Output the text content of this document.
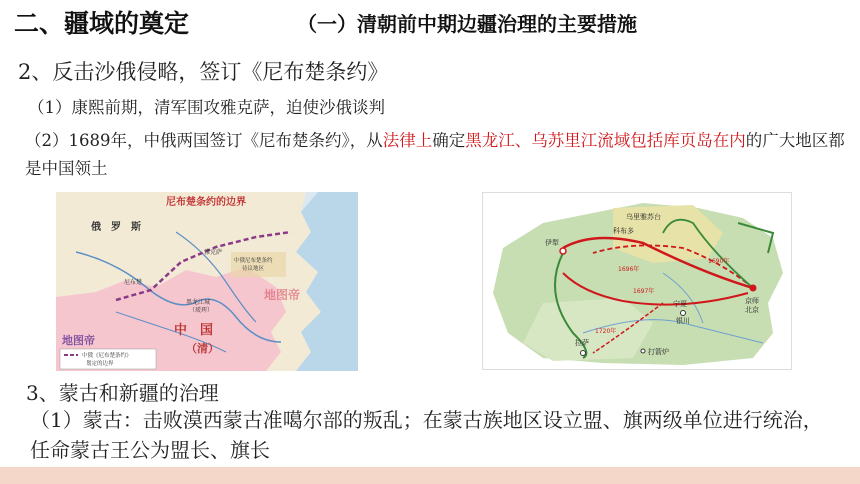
二、疆域的奠定	（一）清朝前中期边疆治理的主要措施
2、反击沙俄侵略，签订《尼布楚条约》
（1）康熙前期，清军围攻雅克萨，迫使沙俄谈判
（2）1689年，中俄两国签订《尼布楚条约》，从法律上确定黑龙江、乌苏里江流域包括库页岛在内的广大地区都是中国领土
尼布楚条约的边界
俄　罗　斯
雅克萨
尼布楚
中俄尼布楚条约
待议地区
黑龙江城
（瑷珲）
中　国
（清）
地图帝
地图帝
中俄《尼布楚条约》
划定的边界
乌里雅苏台
科布多
伊犁
宁夏
银川
京师
北京
拉萨
打箭炉
1696年
1690年
1697年
1720年
3、蒙古和新疆的治理
（1）蒙古：击败漠西蒙古准噶尔部的叛乱；在蒙古族地区设立盟、旗两级单位进行统治，任命蒙古王公为盟长、旗长
